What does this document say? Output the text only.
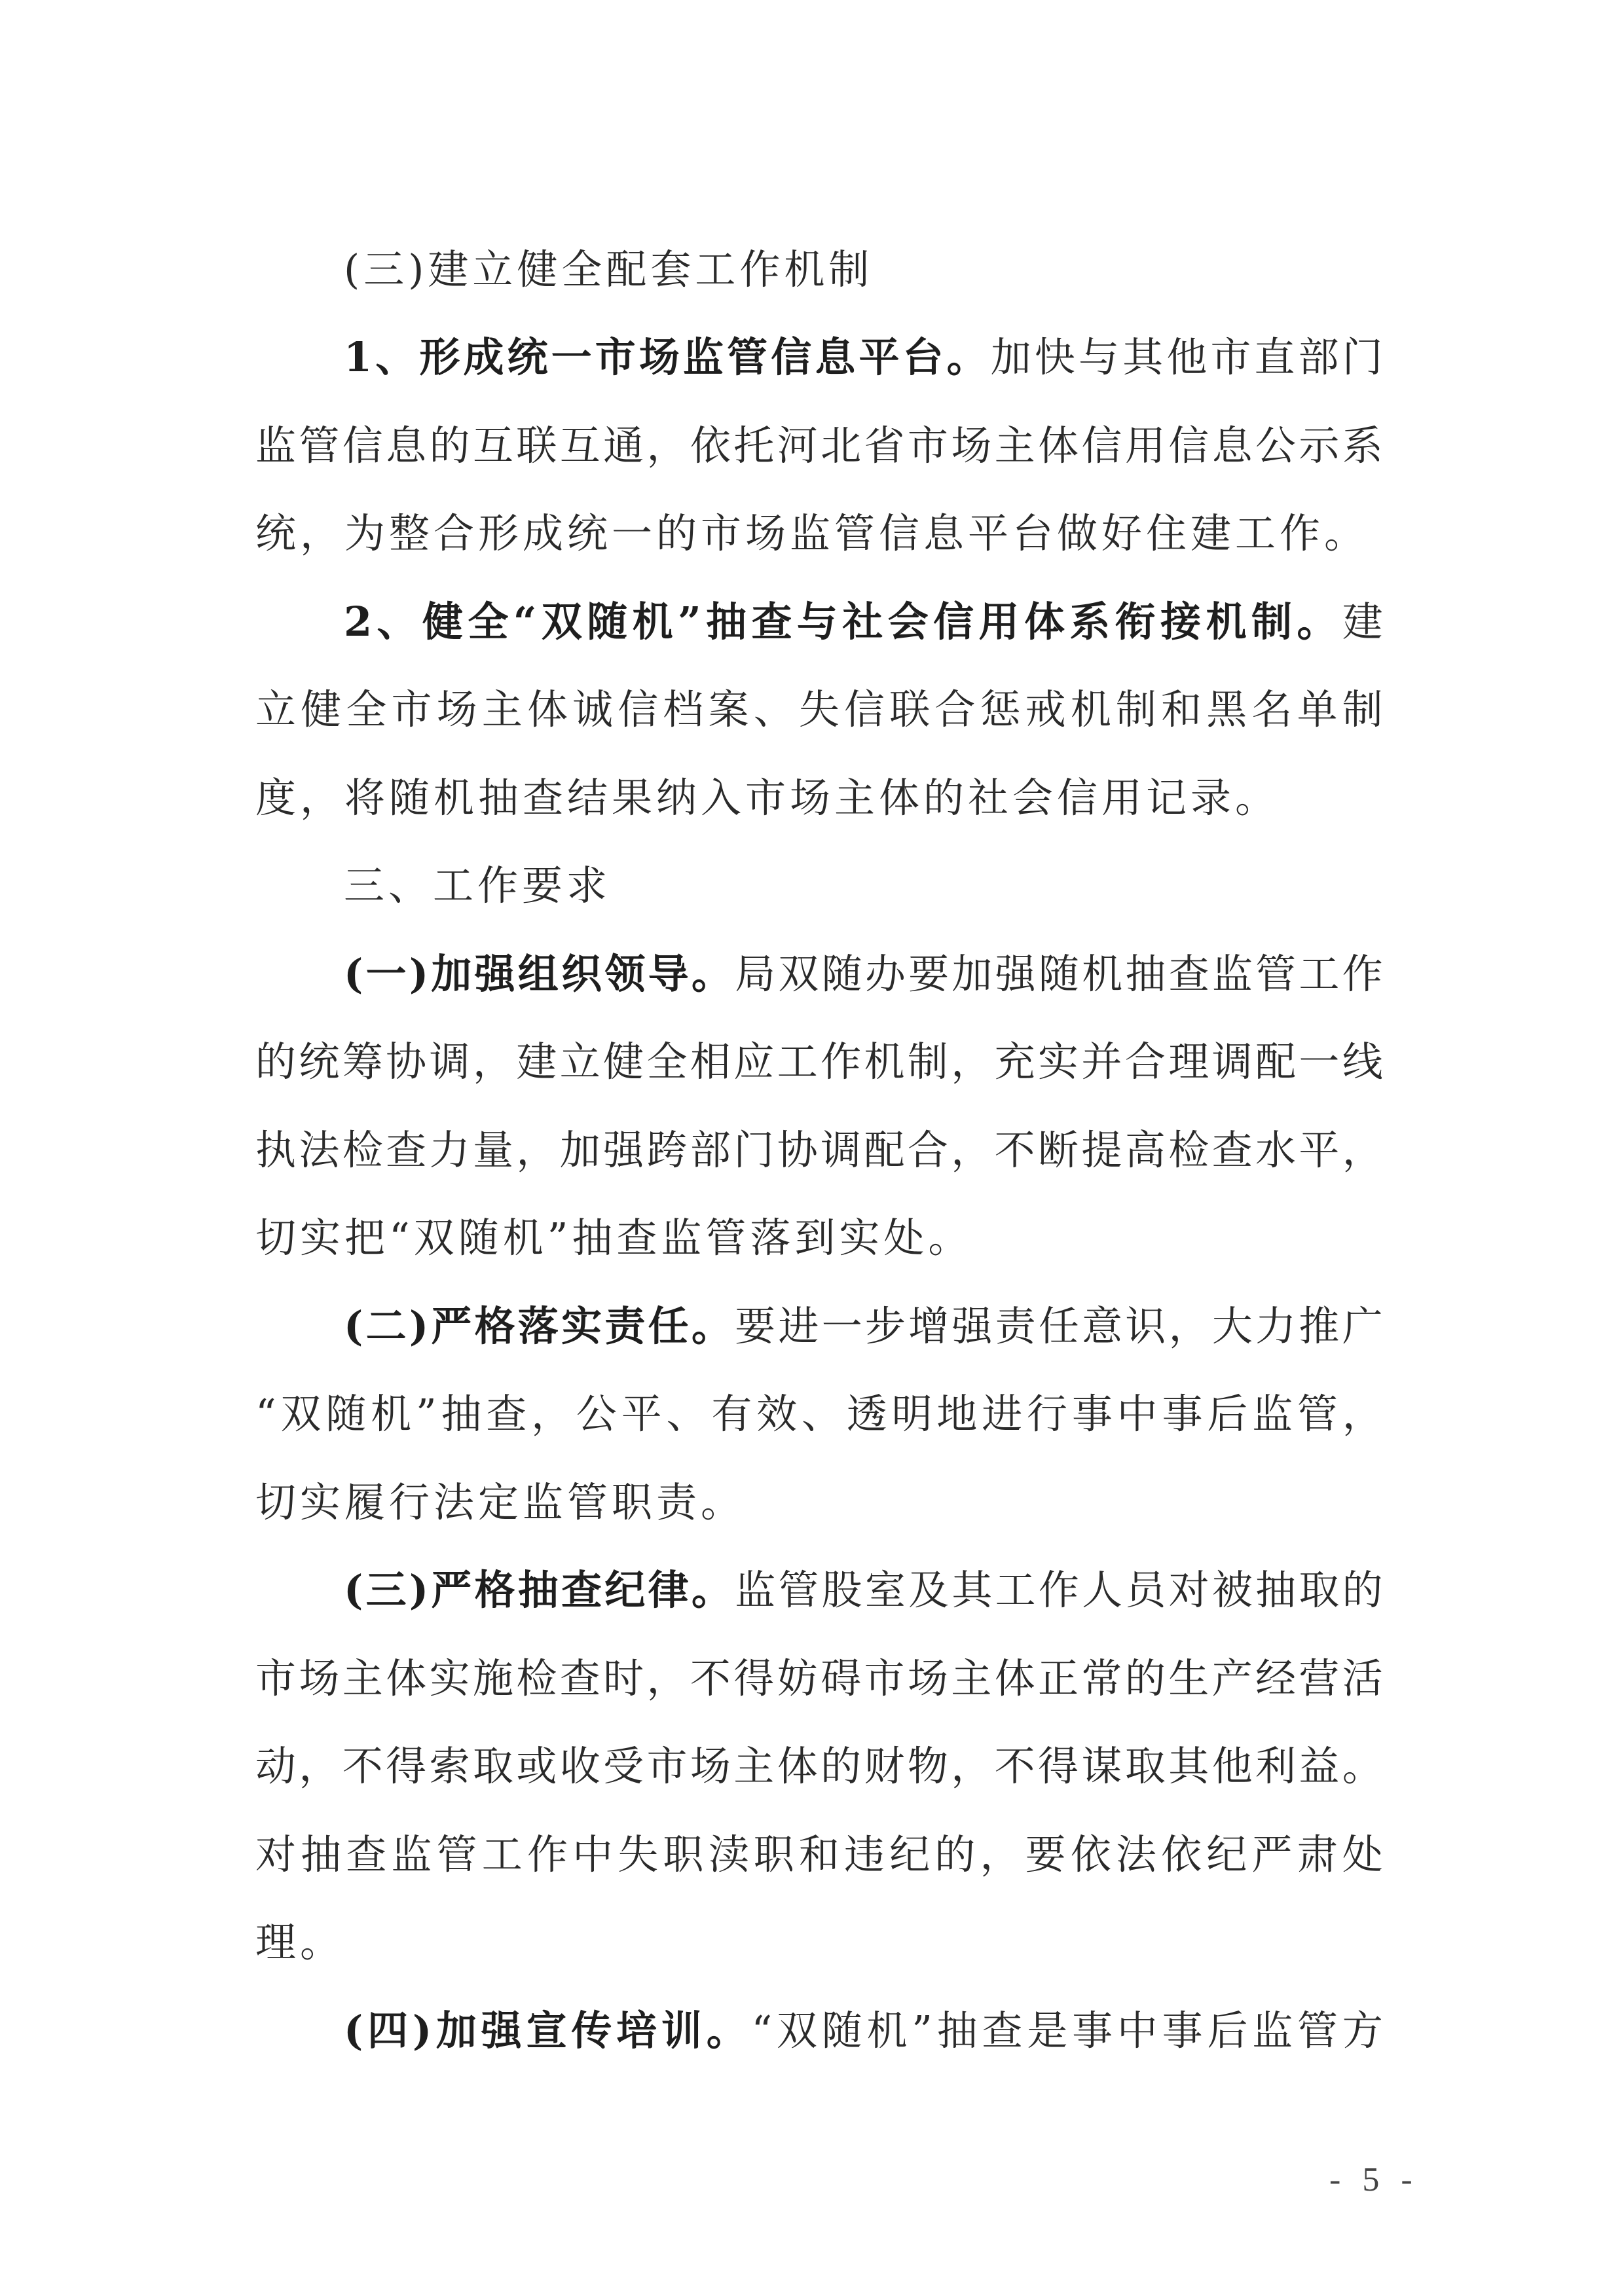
(三)建立健全配套工作机制
1 、 形 成 统 一 市 场 监 管 信 息 平 台 。 加 快 与 其 他 市 直 部 门
监 管 信 息 的 互 联 互 通 ， 依 托 河 北 省 市 场 主 体 信 用 信 息 公 示 系
统，为整合形成统一的市场监管信息平台做好住建工作。
2 、 健 全 “ 双 随 机 ” 抽 查 与 社 会 信 用 体 系 衔 接 机 制 。 建
立 健 全 市 场 主 体 诚 信 档 案 、 失 信 联 合 惩 戒 机 制 和 黑 名 单 制
度，将随机抽查结果纳入市场主体的社会信用记录。
三、工作要求
( 一 ) 加 强 组 织 领 导 。 局 双 随 办 要 加 强 随 机 抽 查 监 管 工 作
的 统 筹 协 调 ， 建 立 健 全 相 应 工 作 机 制 ， 充 实 并 合 理 调 配 一 线
执 法 检 查 力 量 ， 加 强 跨 部 门 协 调 配 合 ， 不 断 提 高 检 查 水 平 ，
切实把“双随机”抽查监管落到实处。
( 二 ) 严 格 落 实 责 任 。 要 进 一 步 增 强 责 任 意 识 ， 大 力 推 广
“ 双 随 机 ” 抽 查 ， 公 平 、 有 效 、 透 明 地 进 行 事 中 事 后 监 管 ，
切实履行法定监管职责。
( 三 ) 严 格 抽 查 纪 律 。 监 管 股 室 及 其 工 作 人 员 对 被 抽 取 的
市 场 主 体 实 施 检 查 时 ， 不 得 妨 碍 市 场 主 体 正 常 的 生 产 经 营 活
动 ， 不 得 索 取 或 收 受 市 场 主 体 的 财 物 ， 不 得 谋 取 其 他 利 益 。
对 抽 查 监 管 工 作 中 失 职 渎 职 和 违 纪 的 ， 要 依 法 依 纪 严 肃 处
理。
( 四 ) 加 强 宣 传 培 训 。 “ 双 随 机 ” 抽 查 是 事 中 事 后 监 管 方
- 5 -
